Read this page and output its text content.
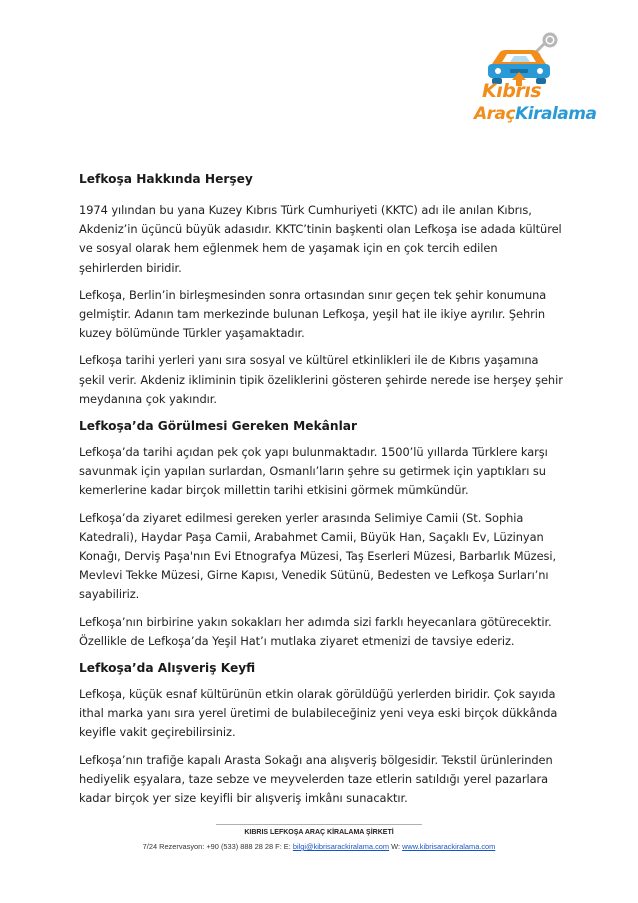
Kıbrıs
AraçKiralama
Lefkoşa Hakkında Herşey

1974 yılından bu yana Kuzey Kıbrıs Türk Cumhuriyeti (KKTC) adı ile anılan Kıbrıs, Akdeniz’in üçüncü büyük adasıdır. KKTC’tinin başkenti olan Lefkoşa ise adada kültürel ve sosyal olarak hem eğlenmek hem de yaşamak için en çok tercih edilen şehirlerden biridir.

Lefkoşa, Berlin’in birleşmesinden sonra ortasından sınır geçen tek şehir konumuna gelmiştir. Adanın tam merkezinde bulunan Lefkoşa, yeşil hat ile ikiye ayrılır. Şehrin kuzey bölümünde Türkler yaşamaktadır.

Lefkoşa tarihi yerleri yanı sıra sosyal ve kültürel etkinlikleri ile de Kıbrıs yaşamına şekil verir. Akdeniz ikliminin tipik özeliklerini gösteren şehirde nerede ise herşey şehir meydanına çok yakındır.

Lefkoşa’da Görülmesi Gereken Mekânlar

Lefkoşa’da tarihi açıdan pek çok yapı bulunmaktadır. 1500’lü yıllarda Türklere karşı savunmak için yapılan surlardan, Osmanlı’ların şehre su getirmek için yaptıkları su kemerlerine kadar birçok millettin tarihi etkisini görmek mümkündür.

Lefkoşa’da ziyaret edilmesi gereken yerler arasında Selimiye Camii (St. Sophia Katedrali), Haydar Paşa Camii, Arabahmet Camii, Büyük Han, Saçaklı Ev, Lüzinyan Konağı, Derviş Paşa'nın Evi Etnografya Müzesi, Taş Eserleri Müzesi, Barbarlık Müzesi, Mevlevi Tekke Müzesi, Girne Kapısı, Venedik Sütünü, Bedesten ve Lefkoşa Surları’nı sayabiliriz.

Lefkoşa’nın birbirine yakın sokakları her adımda sizi farklı heyecanlara götürecektir. Özellikle de Lefkoşa’da Yeşil Hat’ı mutlaka ziyaret etmenizi de tavsiye ederiz.

Lefkoşa’da Alışveriş Keyfi

Lefkoşa, küçük esnaf kültürünün etkin olarak görüldüğü yerlerden biridir. Çok sayıda ithal marka yanı sıra yerel üretimi de bulabileceğiniz yeni veya eski birçok dükkânda keyifle vakit geçirebilirsiniz.

Lefkoşa’nın trafiğe kapalı Arasta Sokağı ana alışveriş bölgesidir. Tekstil ürünlerinden hediyelik eşyalara, taze sebze ve meyvelerden taze etlerin satıldığı yerel pazarlara kadar birçok yer size keyifli bir alışveriş imkânı sunacaktır.

KIBRIS LEFKOŞA ARAÇ KİRALAMA ŞİRKETİ
7/24 Rezervasyon: +90 (533) 888 28 28 F: E: bilgi@kibrisarackiralama.com W: www.kibrisarackiralama.com
